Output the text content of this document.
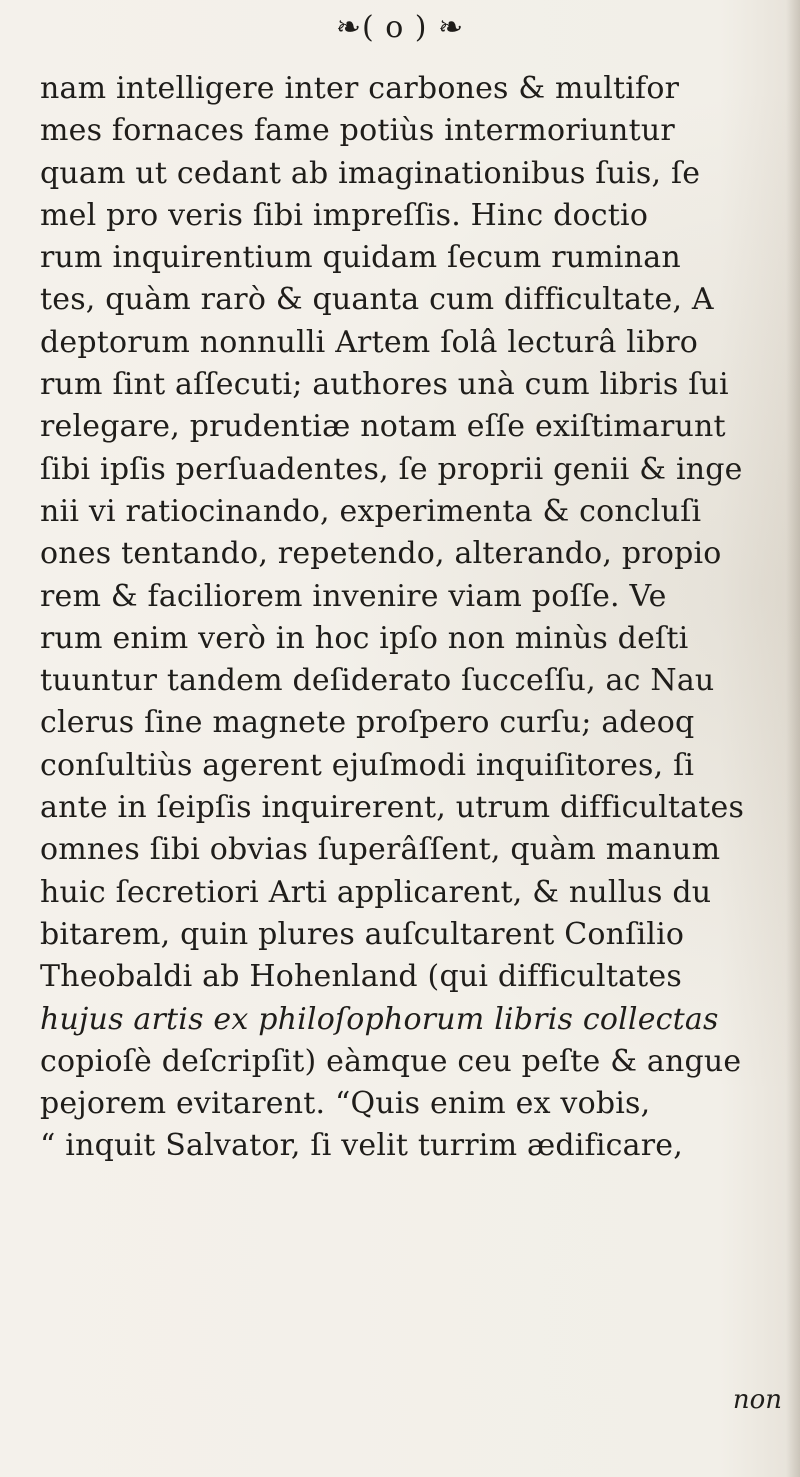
❧( o ) ❧
nam intelligere inter carbones & multifor
mes fornaces fame potiùs intermoriuntur
quam ut cedant ab imaginationibus ſuis, ſe
mel pro veris ſibi impreſſis. Hinc doctio
rum inquirentium quidam ſecum ruminan
tes, quàm rarò & quanta cum difficultate, A
deptorum nonnulli Artem ſolâ lecturâ libro
rum ſint aſſecuti; authores unà cum libris ſui
relegare, prudentiæ notam eſſe exiſtimarunt
ſibi ipſis perſuadentes, ſe proprii genii & inge
nii vi ratiocinando, experimenta & concluſi
ones tentando, repetendo, alterando, propio
rem & faciliorem invenire viam poſſe. Ve
rum enim verò in hoc ipſo non minùs deſti
tuuntur tandem deſiderato ſucceſſu, ac Nau
clerus ſine magnete proſpero curſu; adeoq
conſultiùs agerent ejuſmodi inquiſitores, ſi
ante in ſeipſis inquirerent, utrum difficultates
omnes ſibi obvias ſuperâſſent, quàm manum
huic ſecretiori Arti applicarent, & nullus du
bitarem, quin plures auſcultarent Conſilio
Theobaldi ab Hohenland (qui difficultates
hujus artis ex philoſophorum libris collectas
copioſè deſcripſit) eàmque ceu peſte & angue
pejorem evitarent. “Quis enim ex vobis,
“ inquit Salvator, ſi velit turrim ædificare,
non
